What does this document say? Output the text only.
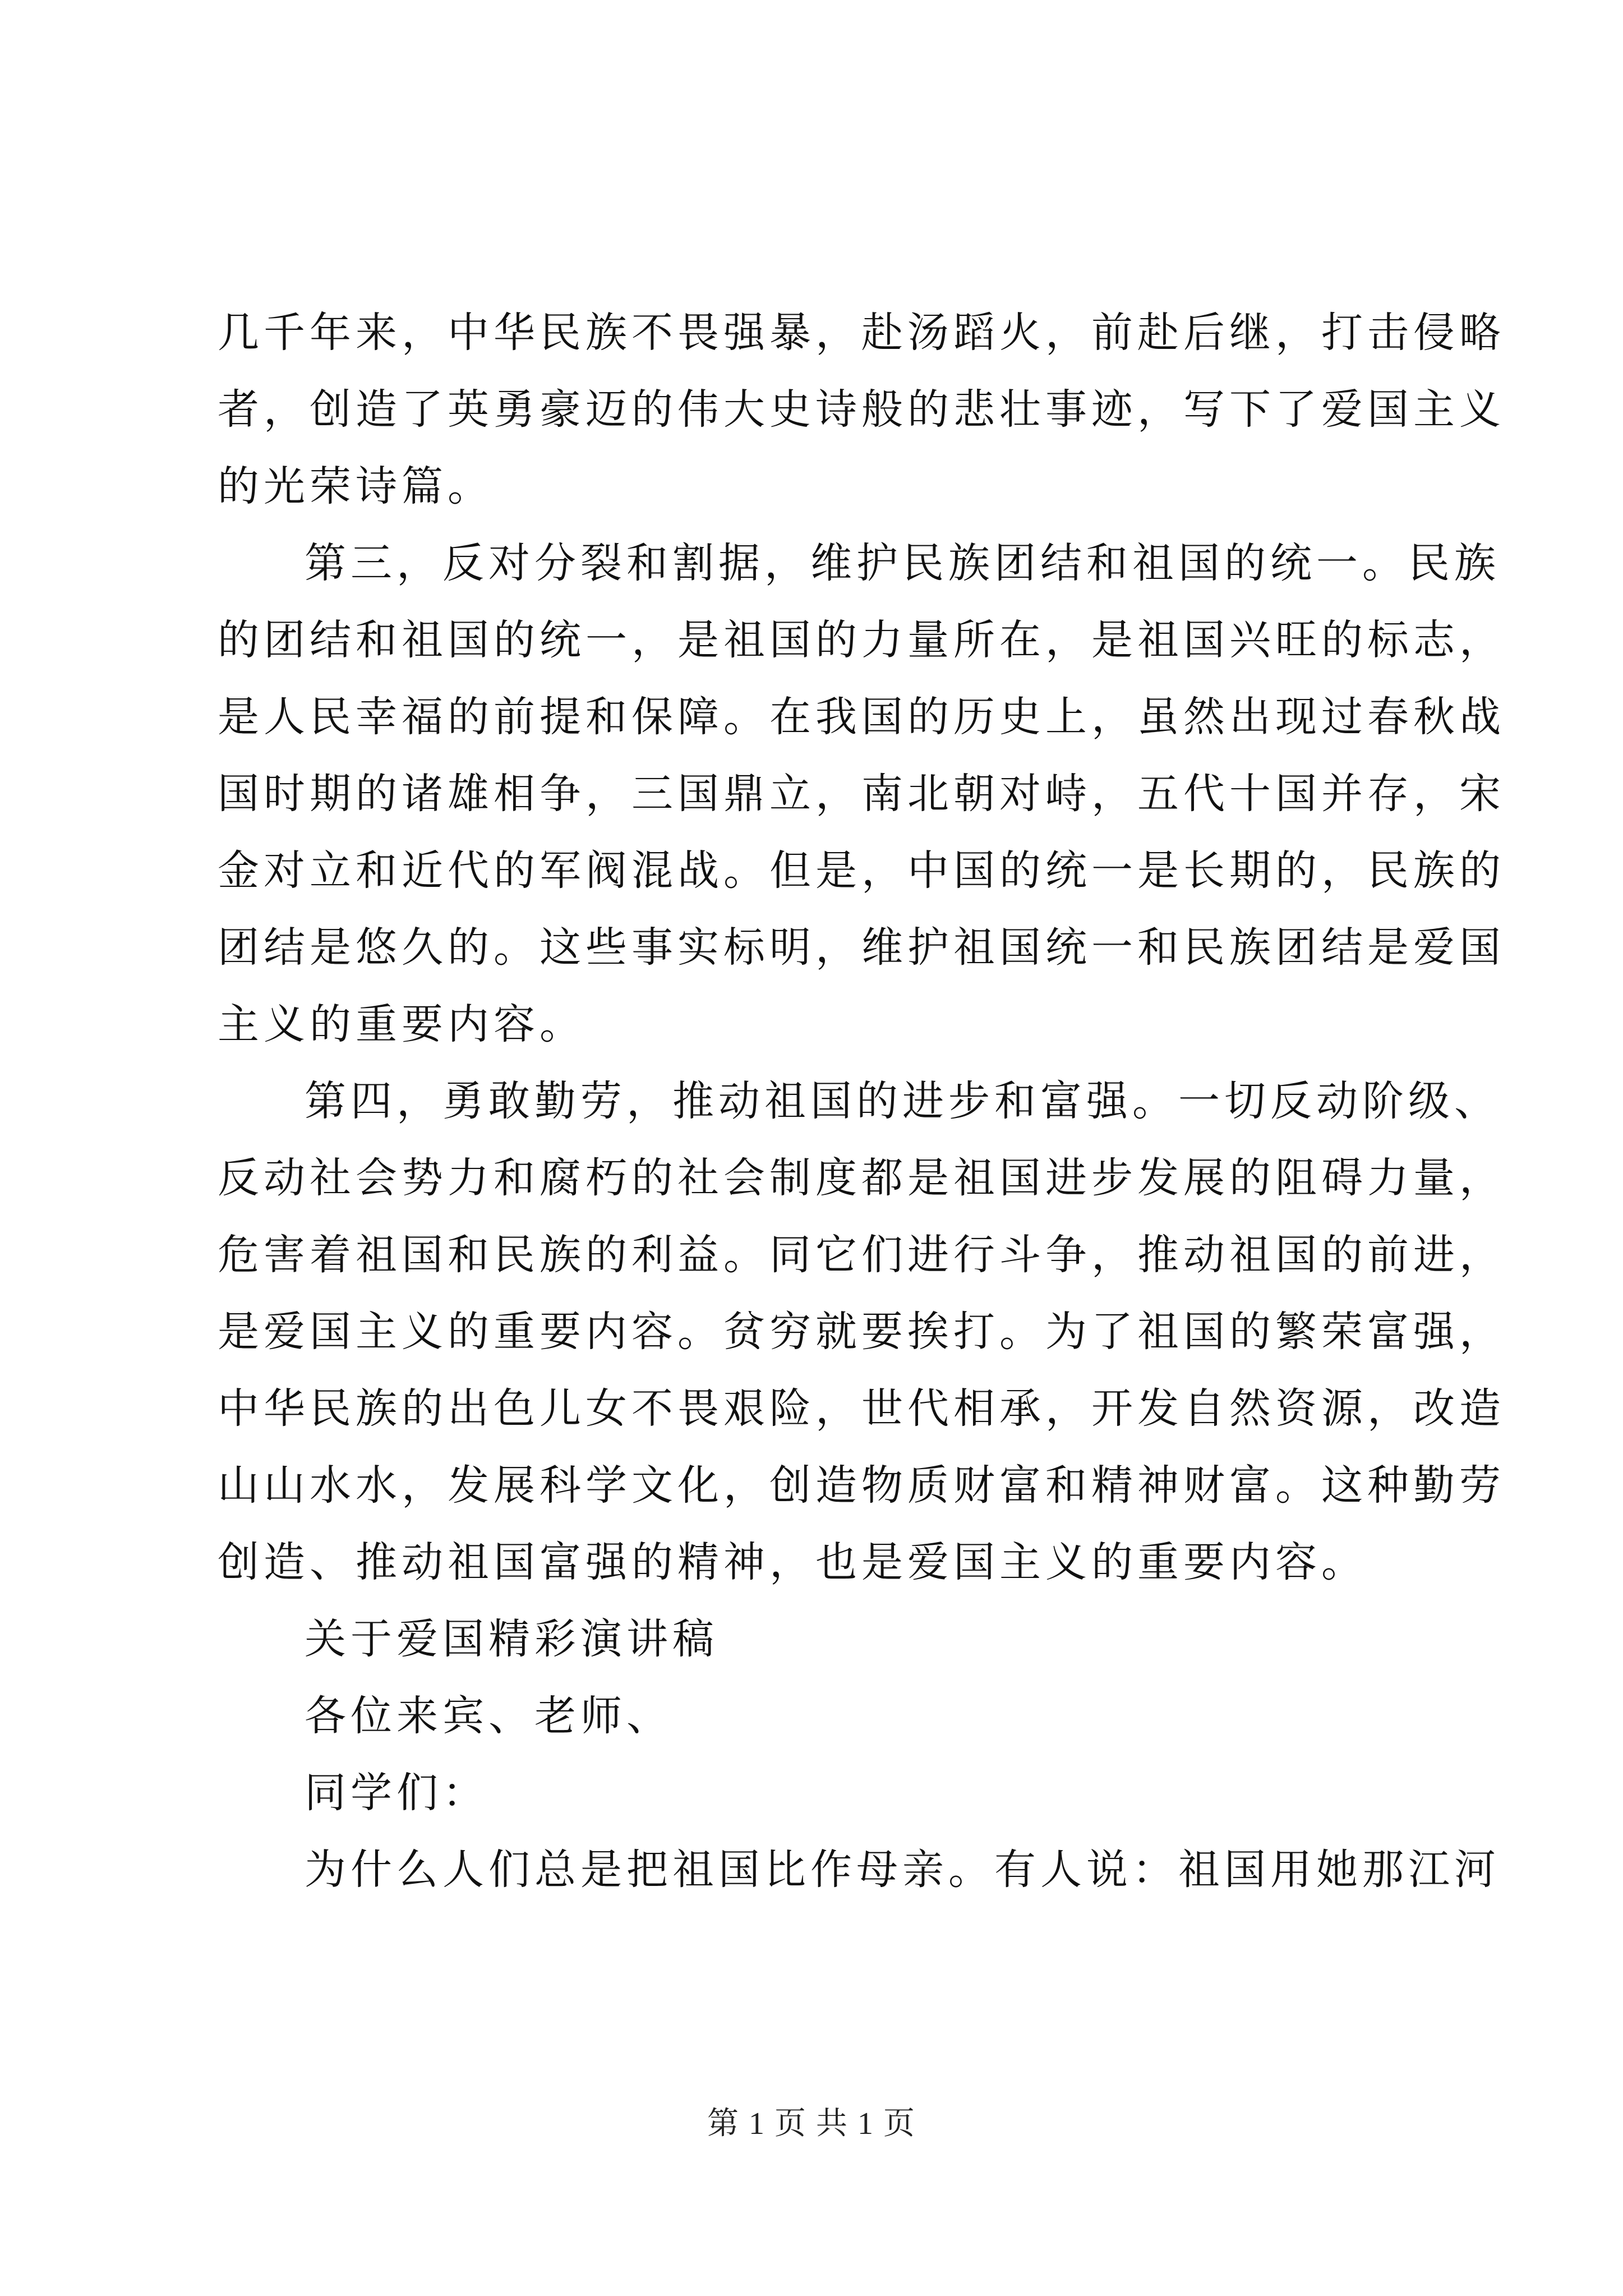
几千年来，中华民族不畏强暴，赴汤蹈火，前赴后继，打击侵略
者，创造了英勇豪迈的伟大史诗般的悲壮事迹，写下了爱国主义
的光荣诗篇。
第三，反对分裂和割据，维护民族团结和祖国的统一。民族
的团结和祖国的统一，是祖国的力量所在，是祖国兴旺的标志，
是人民幸福的前提和保障。在我国的历史上，虽然出现过春秋战
国时期的诸雄相争，三国鼎立，南北朝对峙，五代十国并存，宋
金对立和近代的军阀混战。但是，中国的统一是长期的，民族的
团结是悠久的。这些事实标明，维护祖国统一和民族团结是爱国
主义的重要内容。
第四，勇敢勤劳，推动祖国的进步和富强。一切反动阶级、
反动社会势力和腐朽的社会制度都是祖国进步发展的阻碍力量，
危害着祖国和民族的利益。同它们进行斗争，推动祖国的前进，
是爱国主义的重要内容。贫穷就要挨打。为了祖国的繁荣富强，
中华民族的出色儿女不畏艰险，世代相承，开发自然资源，改造
山山水水，发展科学文化，创造物质财富和精神财富。这种勤劳
创造、推动祖国富强的精神，也是爱国主义的重要内容。
关于爱国精彩演讲稿
各位来宾、老师、
同学们：
为什么人们总是把祖国比作母亲。有人说：祖国用她那江河
第 1 页 共 1 页
